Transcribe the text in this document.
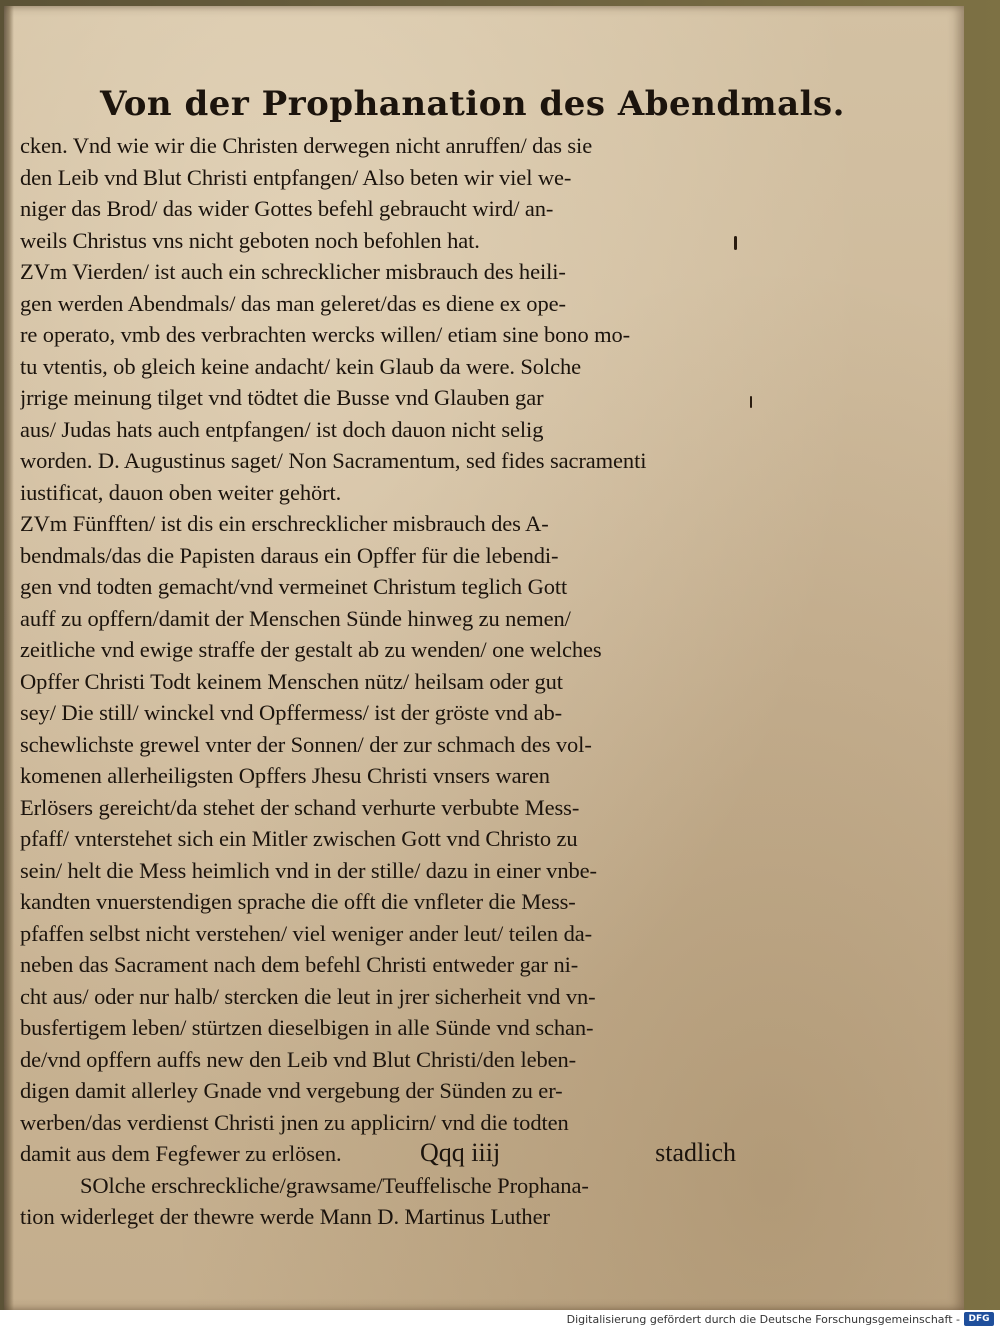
Von der Prophanation des Abendmals.
cken. Vnd wie wir die Christen derwegen nicht anruffen/ das sie
den Leib vnd Blut Christi entpfangen/ Also beten wir viel we-
niger das Brod/ das wider Gottes befehl gebraucht wird/ an-
weils Christus vns nicht geboten noch befohlen hat.
ZVm Vierden/ ist auch ein schrecklicher misbrauch des heili-
gen werden Abendmals/ das man geleret/das es diene ex ope-
re operato, vmb des verbrachten wercks willen/ etiam sine bono mo-
tu vtentis, ob gleich keine andacht/ kein Glaub da were. Solche
jrrige meinung tilget vnd tödtet die Busse vnd Glauben gar
aus/ Judas hats auch entpfangen/ ist doch dauon nicht selig
worden. D. Augustinus saget/ Non Sacramentum, sed fides sacramenti
iustificat, dauon oben weiter gehört.
ZVm Fünfften/ ist dis ein erschrecklicher misbrauch des A-
bendmals/das die Papisten daraus ein Opffer für die lebendi-
gen vnd todten gemacht/vnd vermeinet Christum teglich Gott
auff zu opffern/damit der Menschen Sünde hinweg zu nemen/
zeitliche vnd ewige straffe der gestalt ab zu wenden/ one welches
Opffer Christi Todt keinem Menschen nütz/ heilsam oder gut
sey/ Die still/ winckel vnd Opffermess/ ist der gröste vnd ab-
schewlichste grewel vnter der Sonnen/ der zur schmach des vol-
komenen allerheiligsten Opffers Jhesu Christi vnsers waren
Erlösers gereicht/da stehet der schand verhurte verbubte Mess-
pfaff/ vnterstehet sich ein Mitler zwischen Gott vnd Christo zu
sein/ helt die Mess heimlich vnd in der stille/ dazu in einer vnbe-
kandten vnuerstendigen sprache die offt die vnfleter die Mess-
pfaffen selbst nicht verstehen/ viel weniger ander leut/ teilen da-
neben das Sacrament nach dem befehl Christi entweder gar ni-
cht aus/ oder nur halb/ stercken die leut in jrer sicherheit vnd vn-
busfertigem leben/ stürtzen dieselbigen in alle Sünde vnd schan-
de/vnd opffern auffs new den Leib vnd Blut Christi/den leben-
digen damit allerley Gnade vnd vergebung der Sünden zu er-
werben/das verdienst Christi jnen zu applicirn/ vnd die todten
damit aus dem Fegfewer zu erlösen.
SOlche erschreckliche/grawsame/Teuffelische Prophana-
tion widerleget der thewre werde Mann D. Martinus Luther
Qqq iiij	stadlich
Digitalisierung gefördert durch die Deutsche Forschungsgemeinschaft - DFG
